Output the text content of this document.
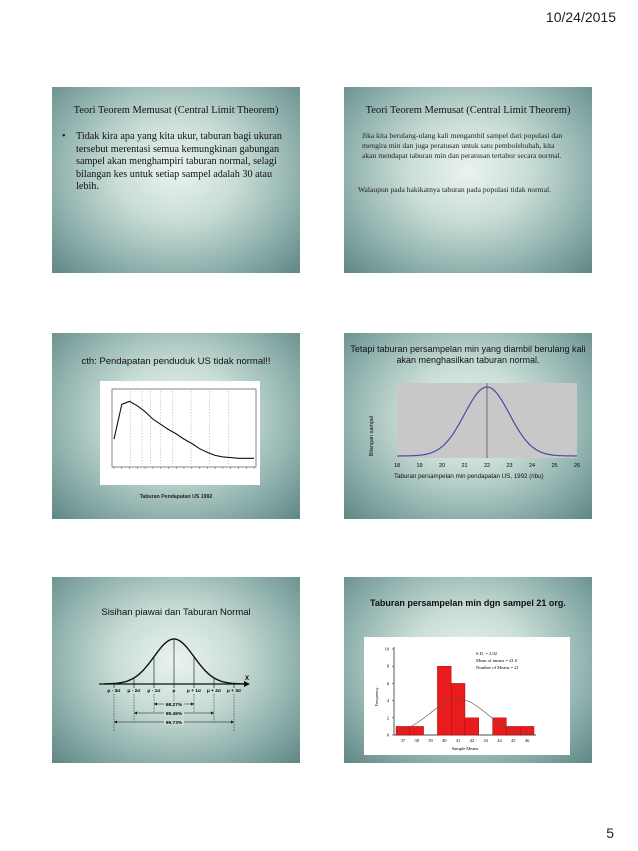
10/24/2015
Teori Teorem Memusat (Central Limit Theorem)
• Tidak kira apa yang kita ukur, taburan bagi ukuran tersebut merentasi semua kemungkinan gabungan sampel akan menghampiri taburan normal, selagi bilangan kes untuk setiap sampel adalah 30 atau lebih.
Teori Teorem Memusat (Central Limit Theorem)
Jika kita berulang-ulang kali mengambil sampel dari populasi dan mengira min dan juga peratusan untuk satu pembolehubah, kita akan mendapat taburan min dan peratusan tertabur secara normal.
Walaupun pada hakikatnya taburan pada populasi tidak normal.
cth: Pendapatan penduduk US tidak normal!!
Taburan Pendapatan US 1992
Tetapi taburan persampelan min yang diambil berulang kali akan menghasilkan taburan normal.
Bilangan sampel
18	19	20	21	22	23	24	25	26
Taburan persampelan min pendapatan US, 1992 (ribu)
Sisihan piawai dan Taburan Normal
X
μ - 3σ μ - 2σ μ - 1σ μ μ + 1σ μ + 2σ μ + 3σ
68.27%
95.45%
99.73%
Taburan persampelan min dgn sampel 21 org.
0
2
4
6
8
10
37 38 39 40 41 42 43 44 45 46
Sample Means
Frequency
S.D. = 2.02
Mean of means = 41.0
Number of Means = 21
5
